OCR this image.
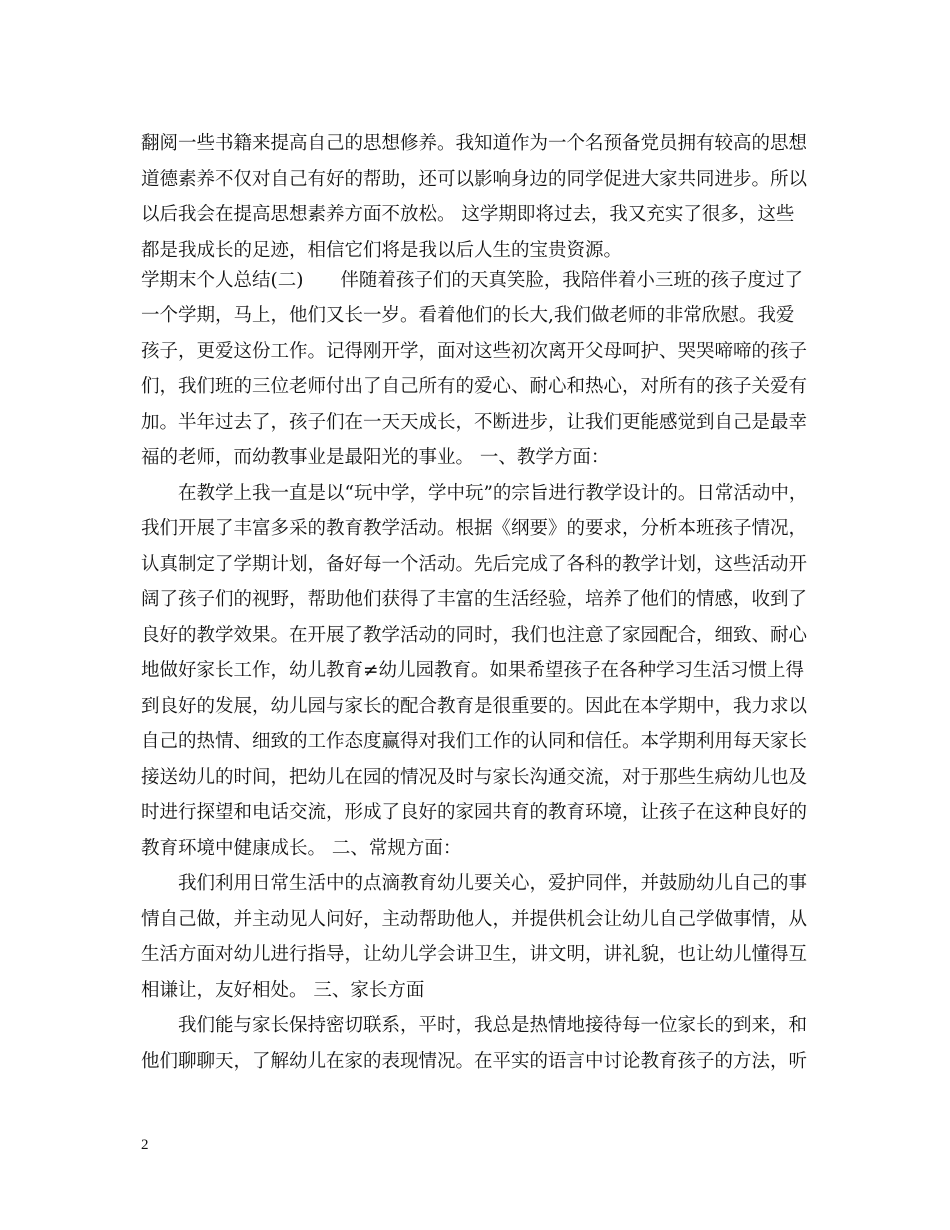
翻阅一些书籍来提高自己的思想修养。我知道作为一个名预备党员拥有较高的思想
道德素养不仅对自己有好的帮助，还可以影响身边的同学促进大家共同进步。所以
以后我会在提高思想素养方面不放松。 这学期即将过去，我又充实了很多，这些
都是我成长的足迹，相信它们将是我以后人生的宝贵资源。
学期末个人总结(二)　　伴随着孩子们的天真笑脸，我陪伴着小三班的孩子度过了
一个学期，马上，他们又长一岁。看着他们的长大,我们做老师的非常欣慰。我爱
孩子，更爱这份工作。记得刚开学，面对这些初次离开父母呵护、哭哭啼啼的孩子
们，我们班的三位老师付出了自己所有的爱心、耐心和热心，对所有的孩子关爱有
加。半年过去了，孩子们在一天天成长，不断进步，让我们更能感觉到自己是最幸
福的老师，而幼教事业是最阳光的事业。 一、教学方面：
　　在教学上我一直是以“玩中学，学中玩”的宗旨进行教学设计的。日常活动中，
我们开展了丰富多采的教育教学活动。根据《纲要》的要求，分析本班孩子情况，
认真制定了学期计划，备好每一个活动。先后完成了各科的教学计划，这些活动开
阔了孩子们的视野，帮助他们获得了丰富的生活经验，培养了他们的情感，收到了
良好的教学效果。在开展了教学活动的同时，我们也注意了家园配合，细致、耐心
地做好家长工作，幼儿教育≠幼儿园教育。如果希望孩子在各种学习生活习惯上得
到良好的发展，幼儿园与家长的配合教育是很重要的。因此在本学期中，我力求以
自己的热情、细致的工作态度赢得对我们工作的认同和信任。本学期利用每天家长
接送幼儿的时间，把幼儿在园的情况及时与家长沟通交流，对于那些生病幼儿也及
时进行探望和电话交流，形成了良好的家园共育的教育环境，让孩子在这种良好的
教育环境中健康成长。 二、常规方面：
　　我们利用日常生活中的点滴教育幼儿要关心，爱护同伴，并鼓励幼儿自己的事
情自己做，并主动见人问好，主动帮助他人，并提供机会让幼儿自己学做事情，从
生活方面对幼儿进行指导，让幼儿学会讲卫生，讲文明，讲礼貌，也让幼儿懂得互
相谦让，友好相处。 三、家长方面
　　我们能与家长保持密切联系，平时，我总是热情地接待每一位家长的到来，和
他们聊聊天，了解幼儿在家的表现情况。在平实的语言中讨论教育孩子的方法，听
2
